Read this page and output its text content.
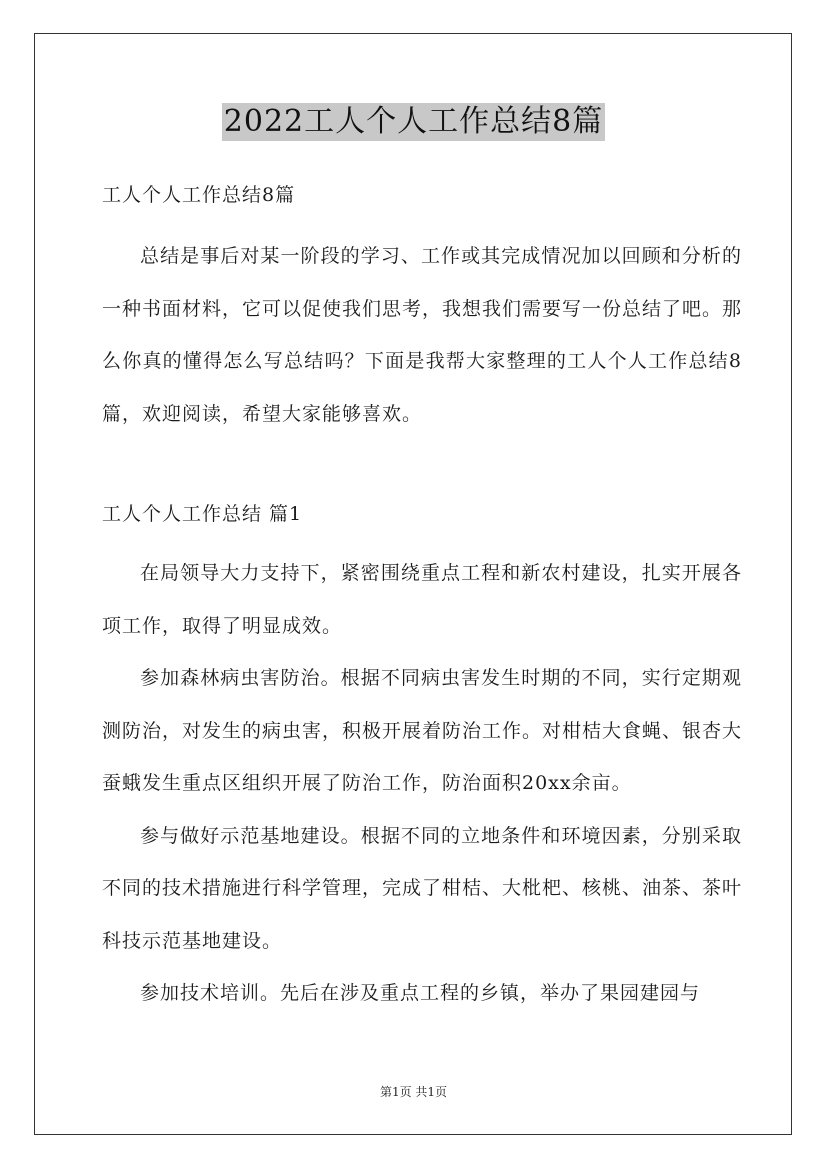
2022工人个人工作总结8篇

工人个人工作总结8篇

总结是事后对某一阶段的学习、工作或其完成情况加以回顾和分析的一种书面材料，它可以促使我们思考，我想我们需要写一份总结了吧。那么你真的懂得怎么写总结吗？下面是我帮大家整理的工人个人工作总结8篇，欢迎阅读，希望大家能够喜欢。

工人个人工作总结 篇1

在局领导大力支持下，紧密围绕重点工程和新农村建设，扎实开展各项工作，取得了明显成效。

参加森林病虫害防治。根据不同病虫害发生时期的不同，实行定期观测防治，对发生的病虫害，积极开展着防治工作。对柑桔大食蝇、银杏大蚕蛾发生重点区组织开展了防治工作，防治面积20xx余亩。

参与做好示范基地建设。根据不同的立地条件和环境因素，分别采取不同的技术措施进行科学管理，完成了柑桔、大枇杷、核桃、油茶、茶叶科技示范基地建设。

参加技术培训。先后在涉及重点工程的乡镇，举办了果园建园与

第1页 共1页
